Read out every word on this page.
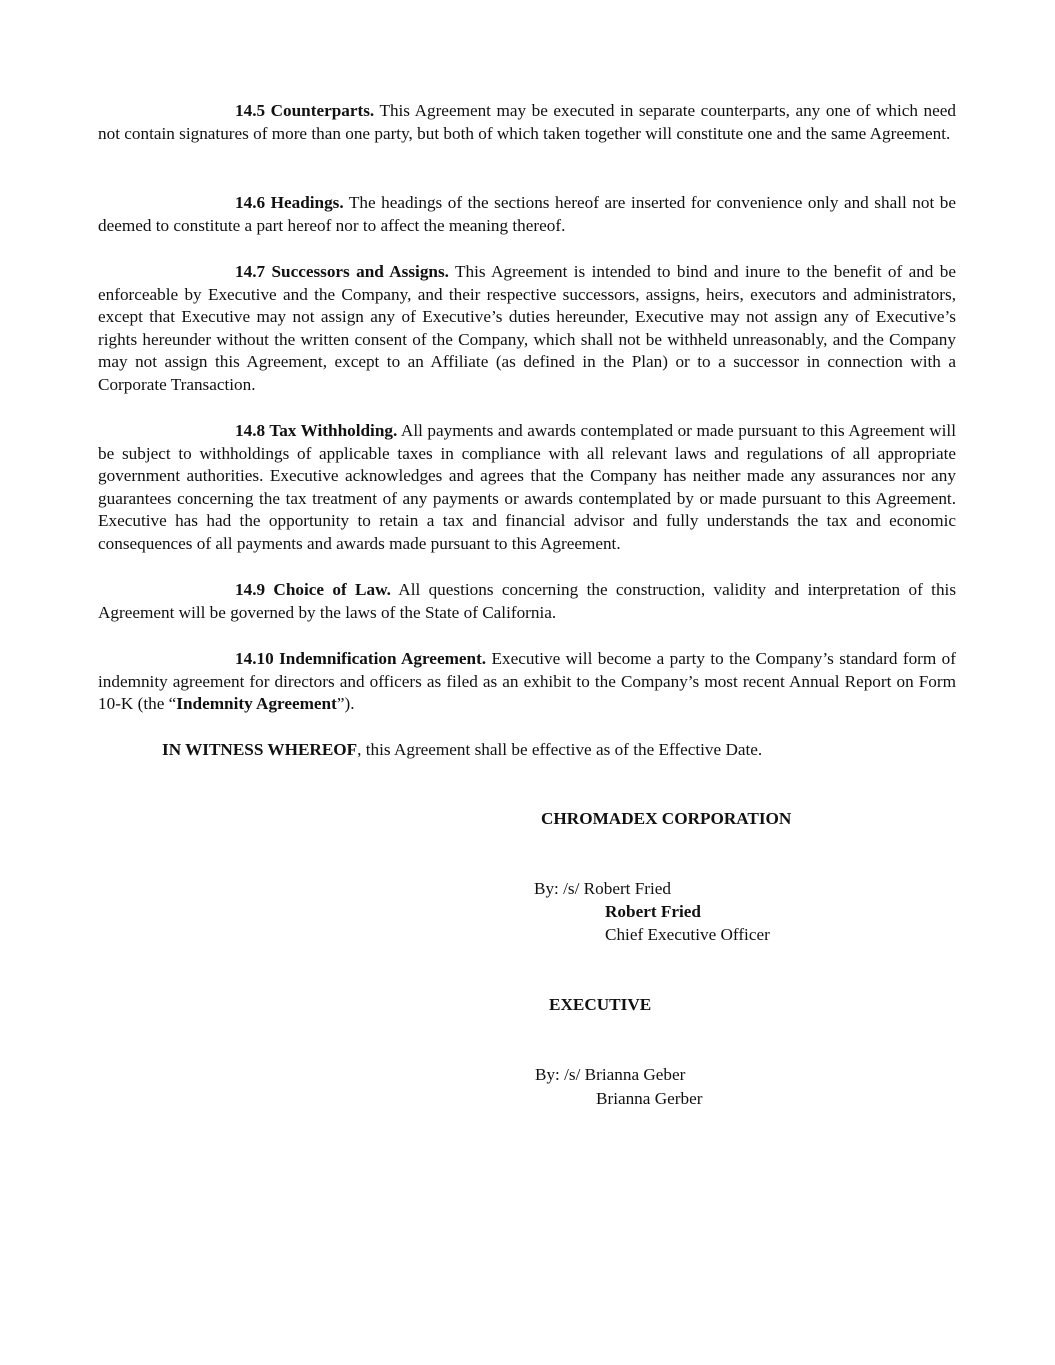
14.5 Counterparts. This Agreement may be executed in separate counterparts, any one of which need not contain signatures of more than one party, but both of which taken together will constitute one and the same Agreement.

14.6 Headings. The headings of the sections hereof are inserted for convenience only and shall not be deemed to constitute a part hereof nor to affect the meaning thereof.

14.7 Successors and Assigns. This Agreement is intended to bind and inure to the benefit of and be enforceable by Executive and the Company, and their respective successors, assigns, heirs, executors and administrators, except that Executive may not assign any of Executive’s duties hereunder, Executive may not assign any of Executive’s rights hereunder without the written consent of the Company, which shall not be withheld unreasonably, and the Company may not assign this Agreement, except to an Affiliate (as defined in the Plan) or to a successor in connection with a Corporate Transaction.

14.8 Tax Withholding. All payments and awards contemplated or made pursuant to this Agreement will be subject to withholdings of applicable taxes in compliance with all relevant laws and regulations of all appropriate government authorities. Executive acknowledges and agrees that the Company has neither made any assurances nor any guarantees concerning the tax treatment of any payments or awards contemplated by or made pursuant to this Agreement. Executive has had the opportunity to retain a tax and financial advisor and fully understands the tax and economic consequences of all payments and awards made pursuant to this Agreement.

14.9 Choice of Law. All questions concerning the construction, validity and interpretation of this Agreement will be governed by the laws of the State of California.

14.10 Indemnification Agreement. Executive will become a party to the Company’s standard form of indemnity agreement for directors and officers as filed as an exhibit to the Company’s most recent Annual Report on Form 10-K (the “Indemnity Agreement”).

IN WITNESS WHEREOF, this Agreement shall be effective as of the Effective Date.

CHROMADEX CORPORATION

By: /s/ Robert Fried

Robert Fried

Chief Executive Officer

EXECUTIVE

By: /s/ Brianna Geber

Brianna Gerber
